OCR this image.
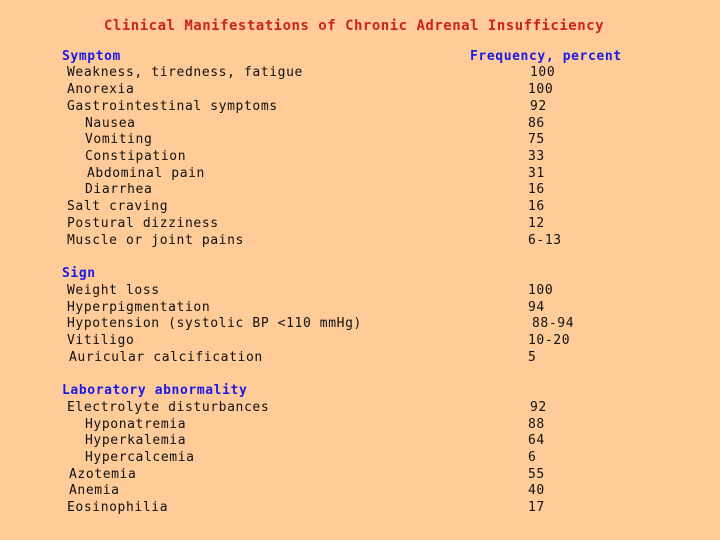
Clinical Manifestations of Chronic Adrenal Insufficiency
Symptom	Frequency, percent
Weakness, tiredness, fatigue	100
Anorexia	100
Gastrointestinal symptoms	92
Nausea	86
Vomiting	75
Constipation	33
Abdominal pain	31
Diarrhea	16
Salt craving	16
Postural dizziness	12
Muscle or joint pains	6-13
Sign
Weight loss	100
Hyperpigmentation	94
Hypotension (systolic BP <110 mmHg)	88-94
Vitiligo	10-20
Auricular calcification	5
Laboratory abnormality
Electrolyte disturbances	92
Hyponatremia	88
Hyperkalemia	64
Hypercalcemia	6
Azotemia	55
Anemia	40
Eosinophilia	17
